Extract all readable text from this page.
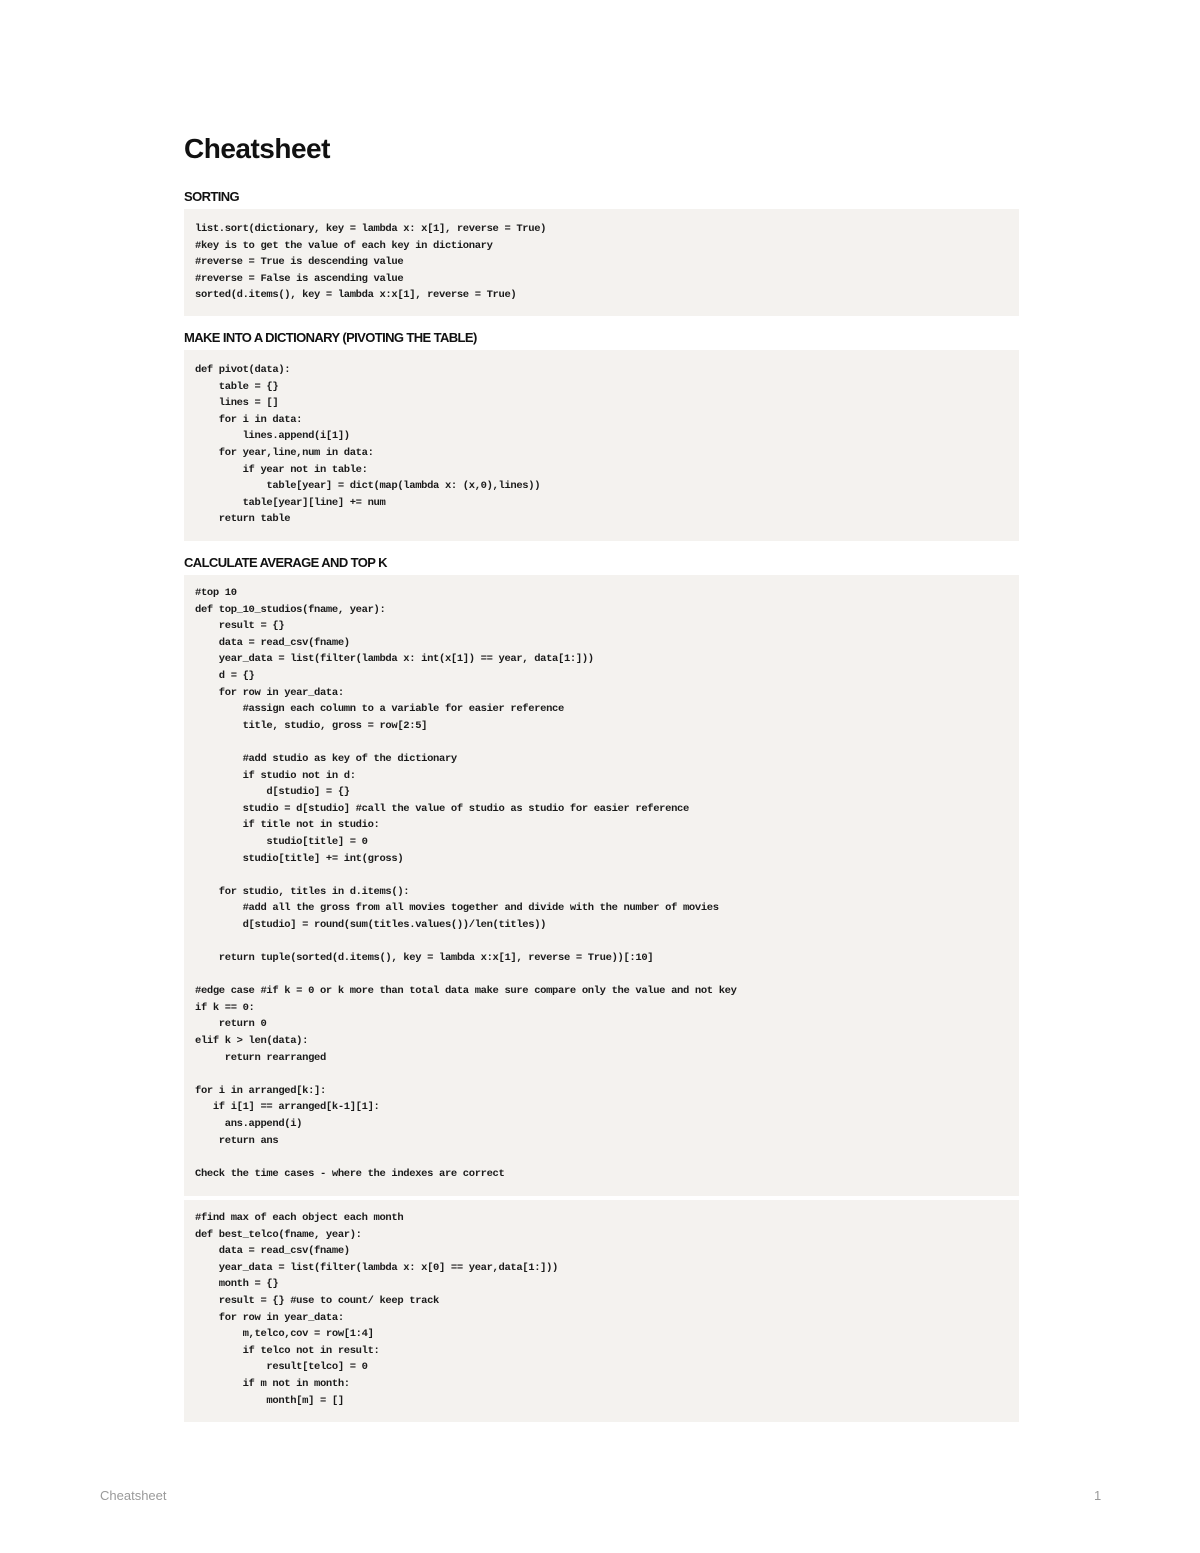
Cheatsheet
SORTING
list.sort(dictionary, key = lambda x: x[1], reverse = True)
#key is to get the value of each key in dictionary
#reverse = True is descending value
#reverse = False is ascending value
sorted(d.items(), key = lambda x:x[1], reverse = True)
MAKE INTO A DICTIONARY (PIVOTING THE TABLE)
def pivot(data):
table = {}
lines = []
for i in data:
lines.append(i[1])
for year,line,num in data:
if year not in table:
table[year] = dict(map(lambda x: (x,0),lines))
table[year][line] += num
return table
CALCULATE AVERAGE AND TOP K
#top 10
def top_10_studios(fname, year):
result = {}
data = read_csv(fname)
year_data = list(filter(lambda x: int(x[1]) == year, data[1:]))
d = {}
for row in year_data:
#assign each column to a variable for easier reference
title, studio, gross = row[2:5]
#add studio as key of the dictionary
if studio not in d:
d[studio] = {}
studio = d[studio] #call the value of studio as studio for easier reference
if title not in studio:
studio[title] = 0
studio[title] += int(gross)
for studio, titles in d.items():
#add all the gross from all movies together and divide with the number of movies
d[studio] = round(sum(titles.values())/len(titles))
return tuple(sorted(d.items(), key = lambda x:x[1], reverse = True))[:10]
#edge case #if k = 0 or k more than total data make sure compare only the value and not key
if k == 0:
return 0
elif k > len(data):
return rearranged
for i in arranged[k:]:
if i[1] == arranged[k-1][1]:
ans.append(i)
return ans
Check the time cases - where the indexes are correct
#find max of each object each month
def best_telco(fname, year):
data = read_csv(fname)
year_data = list(filter(lambda x: x[0] == year,data[1:]))
month = {}
result = {} #use to count/ keep track
for row in year_data:
m,telco,cov = row[1:4]
if telco not in result:
result[telco] = 0
if m not in month:
month[m] = []
Cheatsheet	1
